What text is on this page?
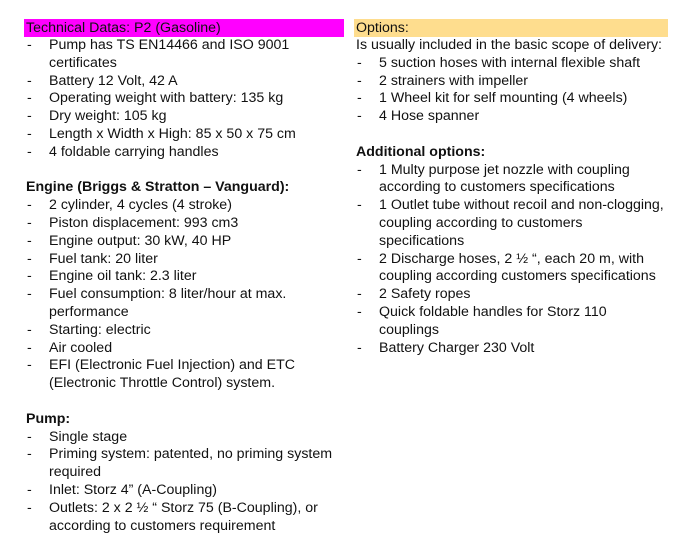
Technical Datas: P2 (Gasoline)
- Pump has TS EN14466 and ISO 9001 certificates
- Battery 12 Volt, 42 A
- Operating weight with battery: 135 kg
- Dry weight: 105 kg
- Length x Width x High: 85 x 50 x 75 cm
- 4 foldable carrying handles

Engine (Briggs & Stratton – Vanguard):

- 2 cylinder, 4 cycles (4 stroke)
- Piston displacement: 993 cm3
- Engine output: 30 kW, 40 HP
- Fuel tank: 20 liter
- Engine oil tank: 2.3 liter
- Fuel consumption: 8 liter/hour at max. performance
- Starting: electric
- Air cooled
- EFI (Electronic Fuel Injection) and ETC (Electronic Throttle Control) system.

Pump:

- Single stage
- Priming system: patented, no priming system required
- Inlet: Storz 4” (A-Coupling)
- Outlets: 2 x 2 ½ “ Storz 75 (B-Coupling), or according to customers requirement
Options:

Is usually included in the basic scope of delivery:

- 5 suction hoses with internal flexible shaft
- 2 strainers with impeller
- 1 Wheel kit for self mounting (4 wheels)
- 4 Hose spanner

Additional options:

- 1 Multy purpose jet nozzle with coupling according to customers specifications
- 1 Outlet tube without recoil and non-clogging, coupling according to customers specifications
- 2 Discharge hoses, 2 ½ “, each 20 m, with coupling according customers specifications
- 2 Safety ropes
- Quick foldable handles for Storz 110 couplings
- Battery Charger 230 Volt
